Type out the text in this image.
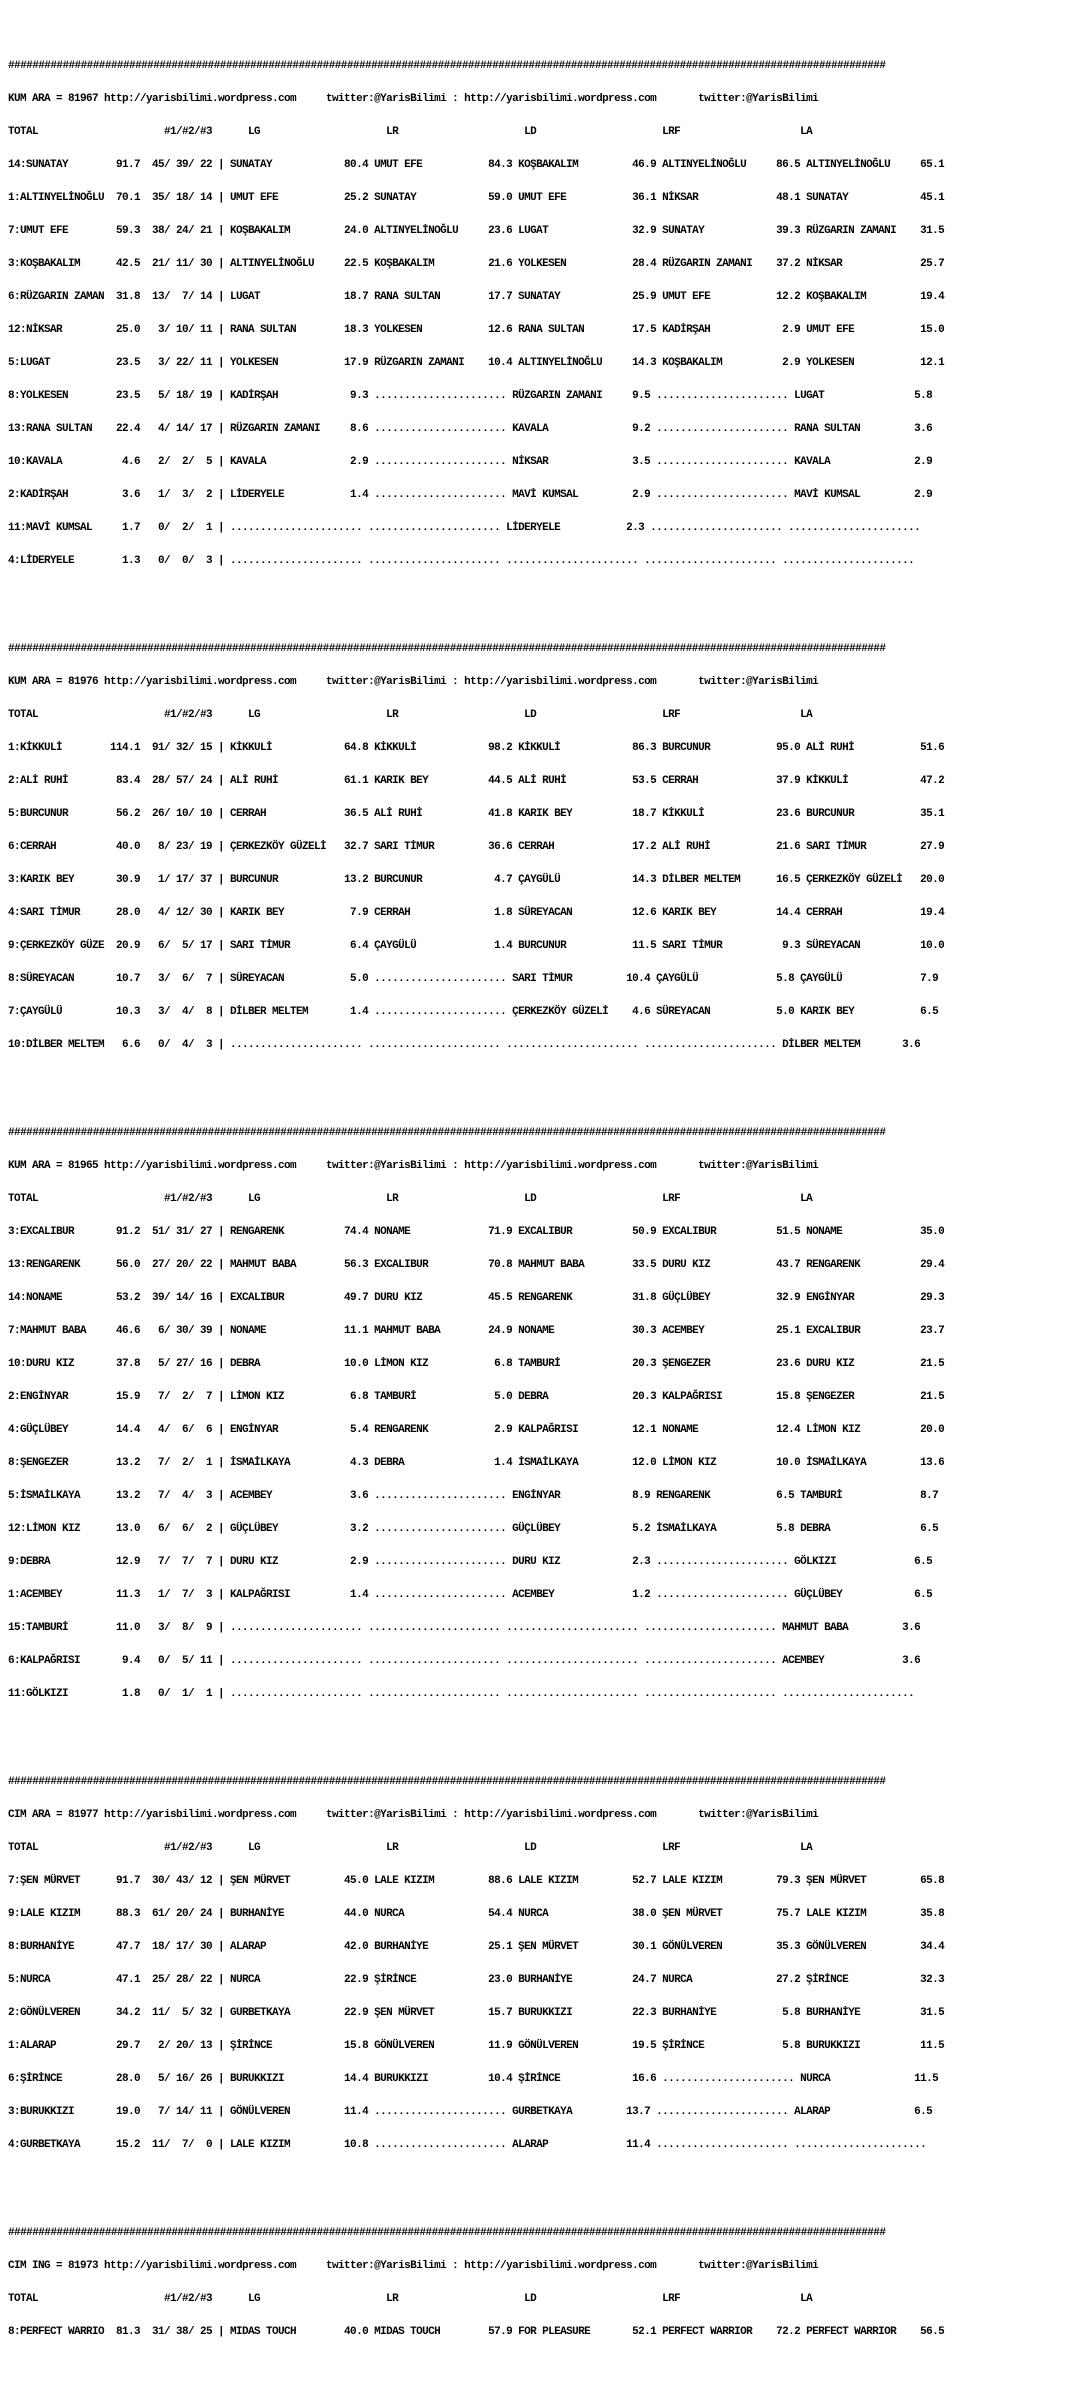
#################################################################################################################################################

KUM ARA = 81967 http://yarisbilimi.wordpress.com     twitter:@YarisBilimi : http://yarisbilimi.wordpress.com       twitter:@YarisBilimi

TOTAL                     #1/#2/#3      LG                     LR                     LD                     LRF                    LA

14:SUNATAY        91.7  45/ 39/ 22 | SUNATAY            80.4 UMUT EFE           84.3 KOŞBAKALIM         46.9 ALTINYELİNOĞLU     86.5 ALTINYELİNOĞLU     65.1

1:ALTINYELİNOĞLU  70.1  35/ 18/ 14 | UMUT EFE           25.2 SUNATAY            59.0 UMUT EFE           36.1 NİKSAR             48.1 SUNATAY            45.1

7:UMUT EFE        59.3  38/ 24/ 21 | KOŞBAKALIM         24.0 ALTINYELİNOĞLU     23.6 LUGAT              32.9 SUNATAY            39.3 RÜZGARIN ZAMANI    31.5

3:KOŞBAKALIM      42.5  21/ 11/ 30 | ALTINYELİNOĞLU     22.5 KOŞBAKALIM         21.6 YOLKESEN           28.4 RÜZGARIN ZAMANI    37.2 NİKSAR             25.7

6:RÜZGARIN ZAMAN  31.8  13/  7/ 14 | LUGAT              18.7 RANA SULTAN        17.7 SUNATAY            25.9 UMUT EFE           12.2 KOŞBAKALIM         19.4

12:NİKSAR         25.0   3/ 10/ 11 | RANA SULTAN        18.3 YOLKESEN           12.6 RANA SULTAN        17.5 KADİRŞAH            2.9 UMUT EFE           15.0

5:LUGAT           23.5   3/ 22/ 11 | YOLKESEN           17.9 RÜZGARIN ZAMANI    10.4 ALTINYELİNOĞLU     14.3 KOŞBAKALIM          2.9 YOLKESEN           12.1

8:YOLKESEN        23.5   5/ 18/ 19 | KADİRŞAH            9.3 ...................... RÜZGARIN ZAMANI     9.5 ...................... LUGAT               5.8

13:RANA SULTAN    22.4   4/ 14/ 17 | RÜZGARIN ZAMANI     8.6 ...................... KAVALA              9.2 ...................... RANA SULTAN         3.6

10:KAVALA          4.6   2/  2/  5 | KAVALA              2.9 ...................... NİKSAR              3.5 ...................... KAVALA              2.9

2:KADİRŞAH         3.6   1/  3/  2 | LİDERYELE           1.4 ...................... MAVİ KUMSAL         2.9 ...................... MAVİ KUMSAL         2.9

11:MAVİ KUMSAL     1.7   0/  2/  1 | ...................... ...................... LİDERYELE           2.3 ...................... ......................

4:LİDERYELE        1.3   0/  0/  3 | ...................... ...................... ...................... ...................... ......................

#################################################################################################################################################

KUM ARA = 81976 http://yarisbilimi.wordpress.com     twitter:@YarisBilimi : http://yarisbilimi.wordpress.com       twitter:@YarisBilimi

TOTAL                     #1/#2/#3      LG                     LR                     LD                     LRF                    LA

1:KİKKULİ        114.1  91/ 32/ 15 | KİKKULİ            64.8 KİKKULİ            98.2 KİKKULİ            86.3 BURCUNUR           95.0 ALİ RUHİ           51.6

2:ALİ RUHİ        83.4  28/ 57/ 24 | ALİ RUHİ           61.1 KARIK BEY          44.5 ALİ RUHİ           53.5 CERRAH             37.9 KİKKULİ            47.2

5:BURCUNUR        56.2  26/ 10/ 10 | CERRAH             36.5 ALİ RUHİ           41.8 KARIK BEY          18.7 KİKKULİ            23.6 BURCUNUR           35.1

6:CERRAH          40.0   8/ 23/ 19 | ÇERKEZKÖY GÜZELİ   32.7 SARI TİMUR         36.6 CERRAH             17.2 ALİ RUHİ           21.6 SARI TİMUR         27.9

3:KARIK BEY       30.9   1/ 17/ 37 | BURCUNUR           13.2 BURCUNUR            4.7 ÇAYGÜLÜ            14.3 DİLBER MELTEM      16.5 ÇERKEZKÖY GÜZELİ   20.0

4:SARI TİMUR      28.0   4/ 12/ 30 | KARIK BEY           7.9 CERRAH              1.8 SÜREYACAN          12.6 KARIK BEY          14.4 CERRAH             19.4

9:ÇERKEZKÖY GÜZE  20.9   6/  5/ 17 | SARI TİMUR          6.4 ÇAYGÜLÜ             1.4 BURCUNUR           11.5 SARI TİMUR          9.3 SÜREYACAN          10.0

8:SÜREYACAN       10.7   3/  6/  7 | SÜREYACAN           5.0 ...................... SARI TİMUR         10.4 ÇAYGÜLÜ             5.8 ÇAYGÜLÜ             7.9

7:ÇAYGÜLÜ         10.3   3/  4/  8 | DİLBER MELTEM       1.4 ...................... ÇERKEZKÖY GÜZELİ    4.6 SÜREYACAN           5.0 KARIK BEY           6.5

10:DİLBER MELTEM   6.6   0/  4/  3 | ...................... ...................... ...................... ...................... DİLBER MELTEM       3.6

#################################################################################################################################################

KUM ARA = 81965 http://yarisbilimi.wordpress.com     twitter:@YarisBilimi : http://yarisbilimi.wordpress.com       twitter:@YarisBilimi

TOTAL                     #1/#2/#3      LG                     LR                     LD                     LRF                    LA

3:EXCALIBUR       91.2  51/ 31/ 27 | RENGARENK          74.4 NONAME             71.9 EXCALIBUR          50.9 EXCALIBUR          51.5 NONAME             35.0

13:RENGARENK      56.0  27/ 20/ 22 | MAHMUT BABA        56.3 EXCALIBUR          70.8 MAHMUT BABA        33.5 DURU KIZ           43.7 RENGARENK          29.4

14:NONAME         53.2  39/ 14/ 16 | EXCALIBUR          49.7 DURU KIZ           45.5 RENGARENK          31.8 GÜÇLÜBEY           32.9 ENGİNYAR           29.3

7:MAHMUT BABA     46.6   6/ 30/ 39 | NONAME             11.1 MAHMUT BABA        24.9 NONAME             30.3 ACEMBEY            25.1 EXCALIBUR          23.7

10:DURU KIZ       37.8   5/ 27/ 16 | DEBRA              10.0 LİMON KIZ           6.8 TAMBURİ            20.3 ŞENGEZER           23.6 DURU KIZ           21.5

2:ENGİNYAR        15.9   7/  2/  7 | LİMON KIZ           6.8 TAMBURİ             5.0 DEBRA              20.3 KALPAĞRISI         15.8 ŞENGEZER           21.5

4:GÜÇLÜBEY        14.4   4/  6/  6 | ENGİNYAR            5.4 RENGARENK           2.9 KALPAĞRISI         12.1 NONAME             12.4 LİMON KIZ          20.0

8:ŞENGEZER        13.2   7/  2/  1 | İSMAİLKAYA          4.3 DEBRA               1.4 İSMAİLKAYA         12.0 LİMON KIZ          10.0 İSMAİLKAYA         13.6

5:İSMAİLKAYA      13.2   7/  4/  3 | ACEMBEY             3.6 ...................... ENGİNYAR            8.9 RENGARENK           6.5 TAMBURİ             8.7

12:LİMON KIZ      13.0   6/  6/  2 | GÜÇLÜBEY            3.2 ...................... GÜÇLÜBEY            5.2 İSMAİLKAYA          5.8 DEBRA               6.5

9:DEBRA           12.9   7/  7/  7 | DURU KIZ            2.9 ...................... DURU KIZ            2.3 ...................... GÖLKIZI             6.5

1:ACEMBEY         11.3   1/  7/  3 | KALPAĞRISI          1.4 ...................... ACEMBEY             1.2 ...................... GÜÇLÜBEY            6.5

15:TAMBURİ        11.0   3/  8/  9 | ...................... ...................... ...................... ...................... MAHMUT BABA         3.6

6:KALPAĞRISI       9.4   0/  5/ 11 | ...................... ...................... ...................... ...................... ACEMBEY             3.6

11:GÖLKIZI         1.8   0/  1/  1 | ...................... ...................... ...................... ...................... ......................

#################################################################################################################################################

CIM ARA = 81977 http://yarisbilimi.wordpress.com     twitter:@YarisBilimi : http://yarisbilimi.wordpress.com       twitter:@YarisBilimi

TOTAL                     #1/#2/#3      LG                     LR                     LD                     LRF                    LA

7:ŞEN MÜRVET      91.7  30/ 43/ 12 | ŞEN MÜRVET         45.0 LALE KIZIM         88.6 LALE KIZIM         52.7 LALE KIZIM         79.3 ŞEN MÜRVET         65.8

9:LALE KIZIM      88.3  61/ 20/ 24 | BURHANİYE          44.0 NURCA              54.4 NURCA              38.0 ŞEN MÜRVET         75.7 LALE KIZIM         35.8

8:BURHANİYE       47.7  18/ 17/ 30 | ALARAP             42.0 BURHANİYE          25.1 ŞEN MÜRVET         30.1 GÖNÜLVEREN         35.3 GÖNÜLVEREN         34.4

5:NURCA           47.1  25/ 28/ 22 | NURCA              22.9 ŞİRİNCE            23.0 BURHANİYE          24.7 NURCA              27.2 ŞİRİNCE            32.3

2:GÖNÜLVEREN      34.2  11/  5/ 32 | GURBETKAYA         22.9 ŞEN MÜRVET         15.7 BURUKKIZI          22.3 BURHANİYE           5.8 BURHANİYE          31.5

1:ALARAP          29.7   2/ 20/ 13 | ŞİRİNCE            15.8 GÖNÜLVEREN         11.9 GÖNÜLVEREN         19.5 ŞİRİNCE             5.8 BURUKKIZI          11.5

6:ŞİRİNCE         28.0   5/ 16/ 26 | BURUKKIZI          14.4 BURUKKIZI          10.4 ŞİRİNCE            16.6 ...................... NURCA              11.5

3:BURUKKIZI       19.0   7/ 14/ 11 | GÖNÜLVEREN         11.4 ...................... GURBETKAYA         13.7 ...................... ALARAP              6.5

4:GURBETKAYA      15.2  11/  7/  0 | LALE KIZIM         10.8 ...................... ALARAP             11.4 ...................... ......................

#################################################################################################################################################

CIM ING = 81973 http://yarisbilimi.wordpress.com     twitter:@YarisBilimi : http://yarisbilimi.wordpress.com       twitter:@YarisBilimi

TOTAL                     #1/#2/#3      LG                     LR                     LD                     LRF                    LA

8:PERFECT WARRIO  81.3  31/ 38/ 25 | MIDAS TOUCH        40.0 MIDAS TOUCH        57.9 FOR PLEASURE       52.1 PERFECT WARRIOR    72.2 PERFECT WARRIOR    56.5
